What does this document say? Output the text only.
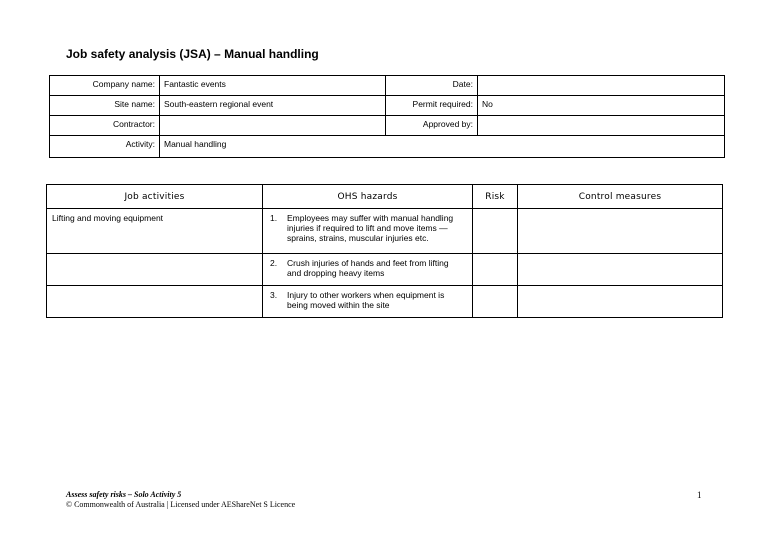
Job safety analysis (JSA) – Manual handling
Company name:	Fantastic events	Date:	
Site name:	South-eastern regional event	Permit required:	No
Contractor:		Approved by:	
Activity:	Manual handling		
Job activities	OHS hazards	Risk	Control measures
Lifting and moving equipment	1. Employees may suffer with manual handling injuries if required to lift and move items — sprains, strains, muscular injuries etc.		

	2. Crush injuries of hands and feet from lifting and dropping heavy items		

	3. Injury to other workers when equipment is being moved within the site		

Assess safety risks – Solo Activity 5
© Commonwealth of Australia | Licensed under AEShareNet S Licence
1
